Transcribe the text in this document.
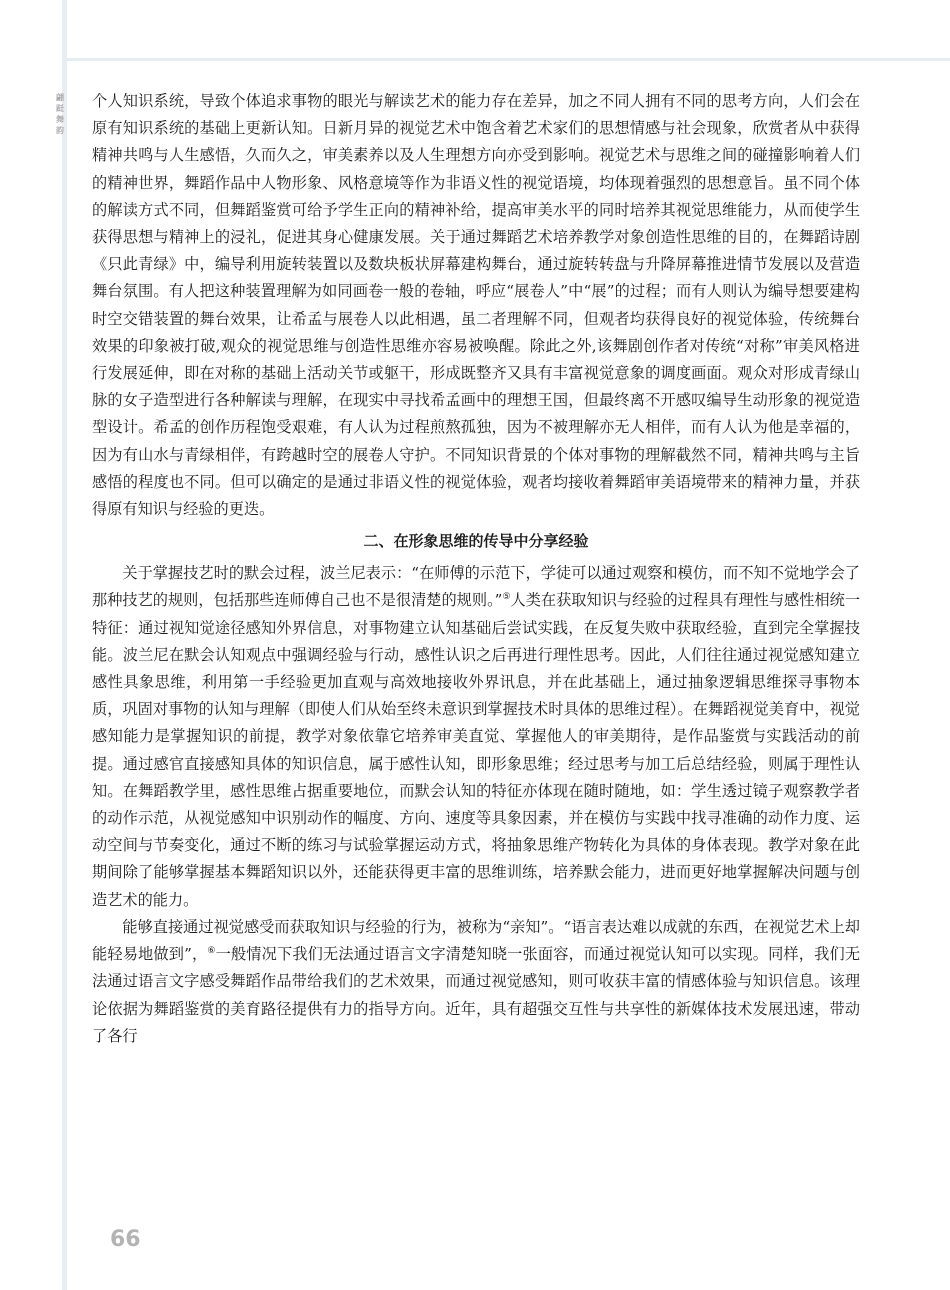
翩跹舞韵

个人知识系统，导致个体追求事物的眼光与解读艺术的能力存在差异，加之不同人拥有不同的思考方向，人们会在原有知识系统的基础上更新认知。日新月异的视觉艺术中饱含着艺术家们的思想情感与社会现象，欣赏者从中获得精神共鸣与人生感悟，久而久之，审美素养以及人生理想方向亦受到影响。视觉艺术与思维之间的碰撞影响着人们的精神世界，舞蹈作品中人物形象、风格意境等作为非语义性的视觉语境，均体现着强烈的思想意旨。虽不同个体的解读方式不同，但舞蹈鉴赏可给予学生正向的精神补给，提高审美水平的同时培养其视觉思维能力，从而使学生获得思想与精神上的浸礼，促进其身心健康发展。关于通过舞蹈艺术培养教学对象创造性思维的目的，在舞蹈诗剧《只此青绿》中，编导利用旋转装置以及数块板状屏幕建构舞台，通过旋转转盘与升降屏幕推进情节发展以及营造舞台氛围。有人把这种装置理解为如同画卷一般的卷轴，呼应“展卷人”中“展”的过程；而有人则认为编导想要建构时空交错装置的舞台效果，让希孟与展卷人以此相遇，虽二者理解不同，但观者均获得良好的视觉体验，传统舞台效果的印象被打破,观众的视觉思维与创造性思维亦容易被唤醒。除此之外,该舞剧创作者对传统“对称”审美风格进行发展延伸，即在对称的基础上活动关节或躯干，形成既整齐又具有丰富视觉意象的调度画面。观众对形成青绿山脉的女子造型进行各种解读与理解，在现实中寻找希孟画中的理想王国，但最终离不开感叹编导生动形象的视觉造型设计。希孟的创作历程饱受艰难，有人认为过程煎熬孤独，因为不被理解亦无人相伴，而有人认为他是幸福的，因为有山水与青绿相伴，有跨越时空的展卷人守护。不同知识背景的个体对事物的理解截然不同，精神共鸣与主旨感悟的程度也不同。但可以确定的是通过非语义性的视觉体验，观者均接收着舞蹈审美语境带来的精神力量，并获得原有知识与经验的更迭。

二、在形象思维的传导中分享经验

关于掌握技艺时的默会过程，波兰尼表示：“在师傅的示范下，学徒可以通过观察和模仿，而不知不觉地学会了那种技艺的规则，包括那些连师傅自己也不是很清楚的规则。”⑤人类在获取知识与经验的过程具有理性与感性相统一特征：通过视知觉途径感知外界信息，对事物建立认知基础后尝试实践，在反复失败中获取经验，直到完全掌握技能。波兰尼在默会认知观点中强调经验与行动，感性认识之后再进行理性思考。因此，人们往往通过视觉感知建立感性具象思维，利用第一手经验更加直观与高效地接收外界讯息，并在此基础上，通过抽象逻辑思维探寻事物本质，巩固对事物的认知与理解（即使人们从始至终未意识到掌握技术时具体的思维过程）。在舞蹈视觉美育中，视觉感知能力是掌握知识的前提，教学对象依靠它培养审美直觉、掌握他人的审美期待，是作品鉴赏与实践活动的前提。通过感官直接感知具体的知识信息，属于感性认知，即形象思维；经过思考与加工后总结经验，则属于理性认知。在舞蹈教学里，感性思维占据重要地位，而默会认知的特征亦体现在随时随地，如：学生透过镜子观察教学者的动作示范，从视觉感知中识别动作的幅度、方向、速度等具象因素，并在模仿与实践中找寻准确的动作力度、运动空间与节奏变化，通过不断的练习与试验掌握运动方式，将抽象思维产物转化为具体的身体表现。教学对象在此期间除了能够掌握基本舞蹈知识以外，还能获得更丰富的思维训练，培养默会能力，进而更好地掌握解决问题与创造艺术的能力。

能够直接通过视觉感受而获取知识与经验的行为，被称为“亲知”。“语言表达难以成就的东西，在视觉艺术上却能轻易地做到”，⑥一般情况下我们无法通过语言文字清楚知晓一张面容，而通过视觉认知可以实现。同样，我们无法通过语言文字感受舞蹈作品带给我们的艺术效果，而通过视觉感知，则可收获丰富的情感体验与知识信息。该理论依据为舞蹈鉴赏的美育路径提供有力的指导方向。近年，具有超强交互性与共享性的新媒体技术发展迅速，带动了各行

66
